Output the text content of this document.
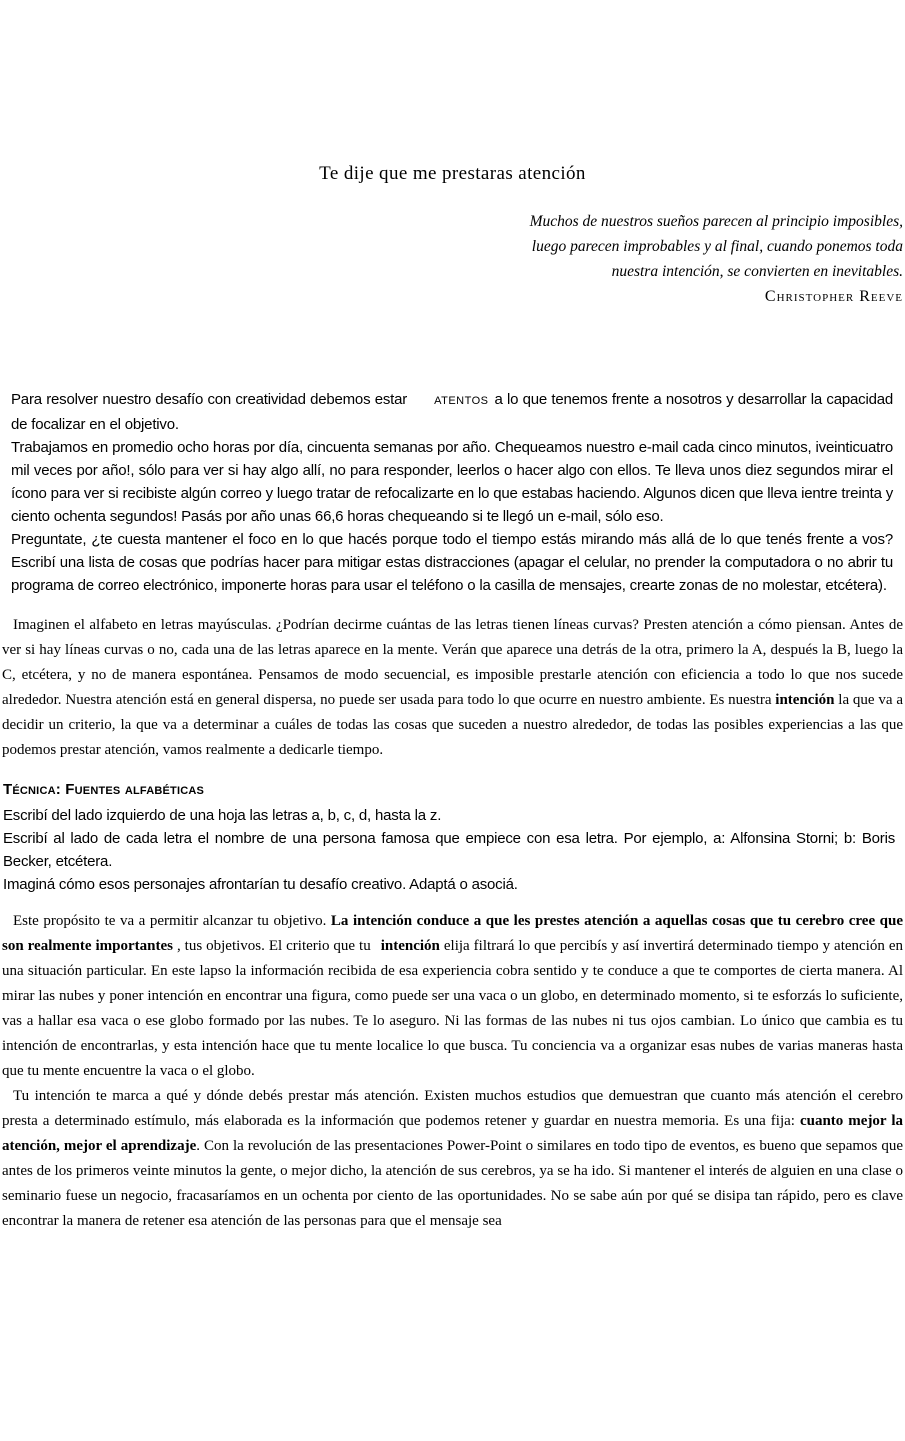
Te dije que me prestaras atención
Muchos de nuestros sueños parecen al principio imposibles,
luego parecen improbables y al final, cuando ponemos toda
nuestra intención, se convierten en inevitables.
Christopher Reeve

Para resolver nuestro desafío con creatividad debemos estar ATENTOS a lo que tenemos frente a nosotros y desarrollar la capacidad de focalizar en el objetivo.

Trabajamos en promedio ocho horas por día, cincuenta semanas por año. Chequeamos nuestro e-mail cada cinco minutos, iveinticuatro mil veces por año!, sólo para ver si hay algo allí, no para responder, leerlos o hacer algo con ellos. Te lleva unos diez segundos mirar el ícono para ver si recibiste algún correo y luego tratar de refocalizarte en lo que estabas haciendo. Algunos dicen que lleva ientre treinta y ciento ochenta segundos! Pasás por año unas 66,6 horas chequeando si te llegó un e-mail, sólo eso.

Preguntate, ¿te cuesta mantener el foco en lo que hacés porque todo el tiempo estás mirando más allá de lo que tenés frente a vos? Escribí una lista de cosas que podrías hacer para mitigar estas distracciones (apagar el celular, no prender la computadora o no abrir tu programa de correo electrónico, imponerte horas para usar el teléfono o la casilla de mensajes, crearte zonas de no molestar, etcétera).

Imaginen el alfabeto en letras mayúsculas. ¿Podrían decirme cuántas de las letras tienen líneas curvas? Presten atención a cómo piensan. Antes de ver si hay líneas curvas o no, cada una de las letras aparece en la mente. Verán que aparece una detrás de la otra, primero la A, después la B, luego la C, etcétera, y no de manera espontánea. Pensamos de modo secuencial, es imposible prestarle atención con eficiencia a todo lo que nos sucede alrededor. Nuestra atención está en general dispersa, no puede ser usada para todo lo que ocurre en nuestro ambiente. Es nuestra intención la que va a decidir un criterio, la que va a determinar a cuáles de todas las cosas que suceden a nuestro alrededor, de todas las posibles experiencias a las que podemos prestar atención, vamos realmente a dedicarle tiempo.

Técnica: Fuentes alfabéticas

Escribí del lado izquierdo de una hoja las letras a, b, c, d, hasta la z.

Escribí al lado de cada letra el nombre de una persona famosa que empiece con esa letra. Por ejemplo, a: Alfonsina Storni; b: Boris Becker, etcétera.

Imaginá cómo esos personajes afrontarían tu desafío creativo. Adaptá o asociá.

Este propósito te va a permitir alcanzar tu objetivo. La intención conduce a que les prestes atención a aquellas cosas que tu cerebro cree que son realmente importantes , tus objetivos. El criterio que tu intención elija filtrará lo que percibís y así invertirá determinado tiempo y atención en una situación particular. En este lapso la información recibida de esa experiencia cobra sentido y te conduce a que te comportes de cierta manera. Al mirar las nubes y poner intención en encontrar una figura, como puede ser una vaca o un globo, en determinado momento, si te esforzás lo suficiente, vas a hallar esa vaca o ese globo formado por las nubes. Te lo aseguro. Ni las formas de las nubes ni tus ojos cambian. Lo único que cambia es tu intención de encontrarlas, y esta intención hace que tu mente localice lo que busca. Tu conciencia va a organizar esas nubes de varias maneras hasta que tu mente encuentre la vaca o el globo.

Tu intención te marca a qué y dónde debés prestar más atención. Existen muchos estudios que demuestran que cuanto más atención el cerebro presta a determinado estímulo, más elaborada es la información que podemos retener y guardar en nuestra memoria. Es una fija: cuanto mejor la atención, mejor el aprendizaje. Con la revolución de las presentaciones Power-Point o similares en todo tipo de eventos, es bueno que sepamos que antes de los primeros veinte minutos la gente, o mejor dicho, la atención de sus cerebros, ya se ha ido. Si mantener el interés de alguien en una clase o seminario fuese un negocio, fracasaríamos en un ochenta por ciento de las oportunidades. No se sabe aún por qué se disipa tan rápido, pero es clave encontrar la manera de retener esa atención de las personas para que el mensaje sea
